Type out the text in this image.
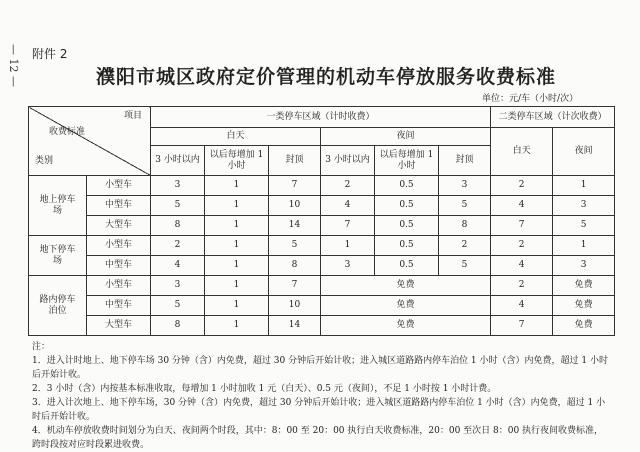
— 12 — 附件 2
濮阳市城区政府定价管理的机动车停放服务收费标准
单位：元/车（小时/次）
项目
收费标准
类别		一类停车区域（计时收费）						二类停车区域（计次收费）	
		白天			夜间			白天	夜间
		3 小时以内	以后每增加 1 小时	封顶	3 小时以内	以后每增加 1 小时	封顶		
地上停车场	小型车	3	1	7	2	0.5	3	2	1
	中型车	5	1	10	4	0.5	5	4	3
	大型车	8	1	14	7	0.5	8	7	5
地下停车场	小型车	2	1	5	1	0.5	2	2	1
	中型车	4	1	8	3	0.5	5	4	3
路内停车泊位	小型车	3	1	7	免费			2	免费
	中型车	5	1	10	免费			4	免费
	大型车	8	1	14	免费			7	免费
注：
1．进入计时地上、地下停车场 30 分钟（含）内免费，超过 30 分钟后开始计收；进入城区道路路内停车泊位 1 小时（含）内免费，超过 1 小时后开始计收。
2．3 小时（含）内按基本标准收取，每增加 1 小时加收 1 元（白天）、0.5 元（夜间），不足 1 小时按 1 小时计费。
3．进入计次地上、地下停车场，30 分钟（含）内免费，超过 30 分钟后开始计收；进入城区道路路内停车泊位 1 小时（含）内免费，超过 1 小时后开始计收。
4．机动车停放收费时间划分为白天、夜间两个时段，其中：8：00 至 20：00 执行白天收费标准，20：00 至次日 8：00 执行夜间收费标准，跨时段按对应时段累进收费。
